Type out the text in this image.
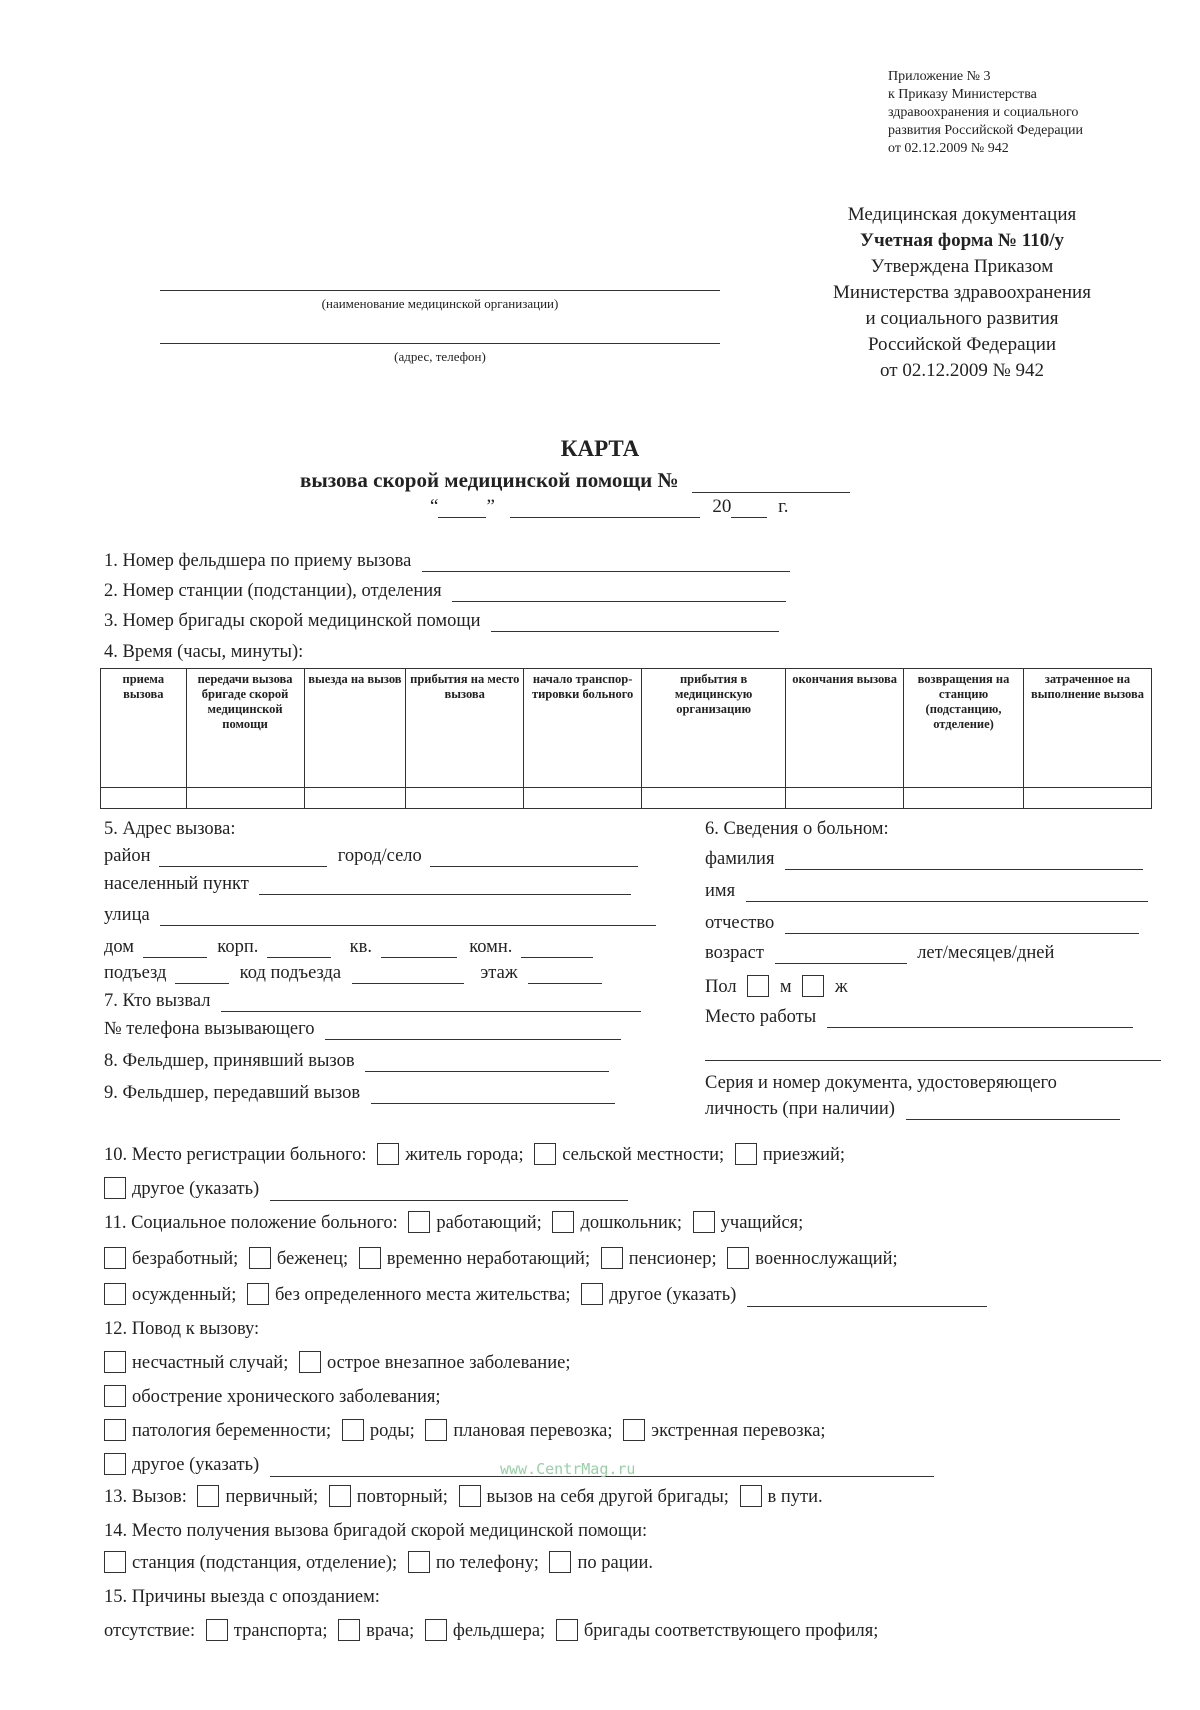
Приложение № 3
к Приказу Министерства
здравоохранения и социального
развития Российской Федерации
от 02.12.2009 № 942
Медицинская документация
Учетная форма № 110/у
Утверждена Приказом
Министерства здравоохранения
и социального развития
Российской Федерации
от 02.12.2009 № 942
(наименование медицинской организации)
(адрес, телефон)
КАРТА
вызова скорой медицинской помощи №
“	”	20 г.
1. Номер фельдшера по приему вызова
2. Номер станции (подстанции), отделения
3. Номер бригады скорой медицинской помощи
4. Время (часы, минуты):
приема вызова	передачи вызова бригаде скорой медицинской помощи	выезда на вызов	прибытия на место вызова	начало транспор-тировки больного	прибытия в медицинскую организацию	окончания вызова	возвращения на станцию (подстанцию, отделение)	затраченное на выполнение вызова

5. Адрес вызова:
район	город/село
населенный пункт
улица
дом	корп.	кв.	комн.
подъезд	код подъезда	этаж
7. Кто вызвал
№ телефона вызывающего
8. Фельдшер, принявший вызов
9. Фельдшер, передавший вызов
6. Сведения о больном:
фамилия
имя
отчество
возраст	лет/месяцев/дней
Пол м ж
Место работы
Серия и номер документа, удостоверяющего
личность (при наличии)
10. Место регистрации больного: житель города; сельской местности; приезжий;
другое (указать)
11. Социальное положение больного: работающий; дошкольник; учащийся;
безработный; беженец; временно неработающий; пенсионер; военнослужащий;
осужденный; без определенного места жительства; другое (указать)
12. Повод к вызову:
несчастный случай; острое внезапное заболевание;
обострение хронического заболевания;
патология беременности; роды; плановая перевозка; экстренная перевозка;
другое (указать)	www.CentrMag.ru
13. Вызов: первичный; повторный; вызов на себя другой бригады; в пути.
14. Место получения вызова бригадой скорой медицинской помощи:
станция (подстанция, отделение); по телефону; по рации.
15. Причины выезда с опозданием:
отсутствие: транспорта; врача; фельдшера; бригады соответствующего профиля;
